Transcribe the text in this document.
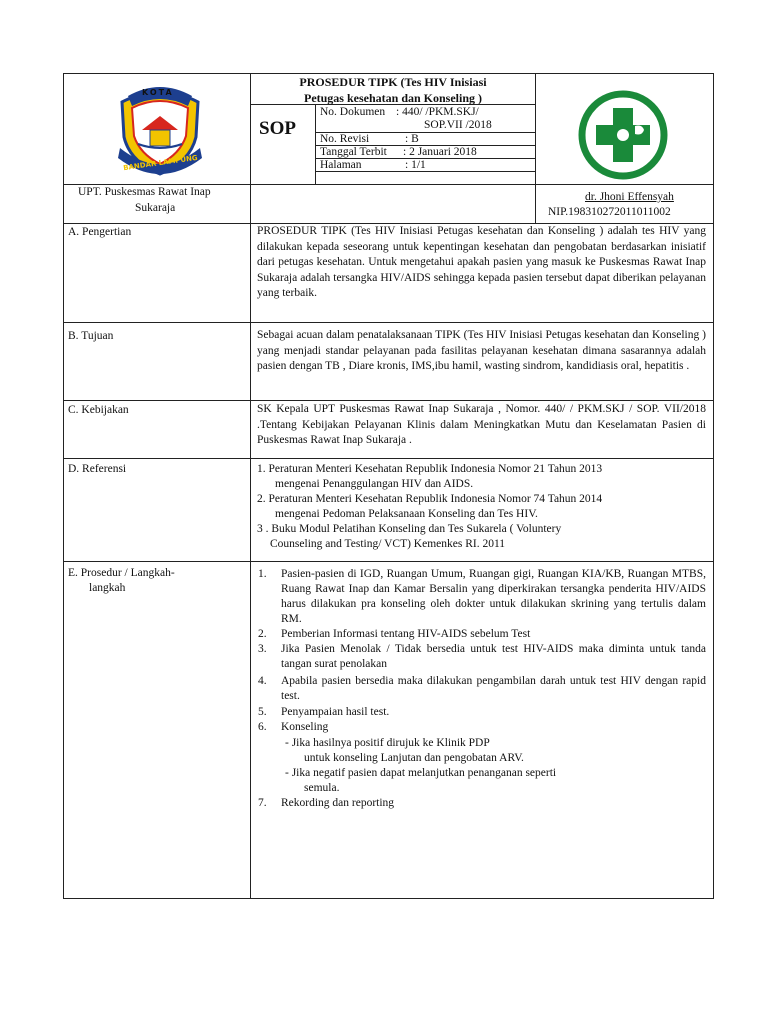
KOTA
BANDAR LAMPUNG
PROSEDUR TIPK (Tes HIV Inisiasi
Petugas kesehatan dan Konseling )
SOP
No. Dokumen : 440/ /PKM.SKJ/
SOP.VII /2018
No. Revisi	: B
Tanggal Terbit : 2 Januari 2018
Halaman	: 1/1
UPT. Puskesmas Rawat Inap
Sukaraja
dr. Jhoni Effensyah
NIP.198310272011011002
A. Pengertian	PROSEDUR TIPK (Tes HIV Inisiasi Petugas kesehatan dan Konseling ) adalah tes HIV yang dilakukan kepada seseorang untuk kepentingan kesehatan dan pengobatan berdasarkan inisiatif dari petugas kesehatan. Untuk mengetahui apakah pasien yang masuk ke Puskesmas Rawat Inap Sukaraja adalah tersangka HIV/AIDS sehingga kepada pasien tersebut dapat diberikan pelayanan yang terbaik.
B. Tujuan	Sebagai acuan dalam penatalaksanaan TIPK (Tes HIV Inisiasi Petugas kesehatan dan Konseling ) yang menjadi standar pelayanan pada fasilitas pelayanan kesehatan dimana sasarannya adalah pasien dengan TB , Diare kronis, IMS,ibu hamil, wasting sindrom, kandidiasis oral, hepatitis .
C. Kebijakan	SK Kepala UPT Puskesmas Rawat Inap Sukaraja , Nomor. 440/ / PKM.SKJ / SOP. VII/2018 .Tentang Kebijakan Pelayanan Klinis dalam Meningkatkan Mutu dan Keselamatan Pasien di Puskesmas Rawat Inap Sukaraja .
D. Referensi	1. Peraturan Menteri Kesehatan Republik Indonesia Nomor 21 Tahun 2013
mengenai Penanggulangan HIV dan AIDS.
2. Peraturan Menteri Kesehatan Republik Indonesia Nomor 74 Tahun 2014
mengenai Pedoman Pelaksanaan Konseling dan Tes HIV.
3 . Buku Modul Pelatihan Konseling dan Tes Sukarela ( Voluntery
Counseling and Testing/ VCT) Kemenkes RI. 2011
E. Prosedur / Langkah-
langkah
1. Pasien-pasien di IGD, Ruangan Umum, Ruangan gigi, Ruangan KIA/KB, Ruangan MTBS, Ruang Rawat Inap dan Kamar Bersalin yang diperkirakan tersangka penderita HIV/AIDS harus dilakukan pra konseling oleh dokter untuk dilakukan skrining yang tertulis dalam RM.
2. Pemberian Informasi tentang HIV-AIDS sebelum Test
3. Jika Pasien Menolak / Tidak bersedia untuk test HIV-AIDS maka diminta untuk tanda tangan surat penolakan
4. Apabila pasien bersedia maka dilakukan pengambilan darah untuk test HIV dengan rapid test.
5. Penyampaian hasil test.
6. Konseling
- Jika hasilnya positif dirujuk ke Klinik PDP
untuk konseling Lanjutan dan pengobatan ARV.
- Jika negatif pasien dapat melanjutkan penanganan seperti
semula.
7. Rekording dan reporting
